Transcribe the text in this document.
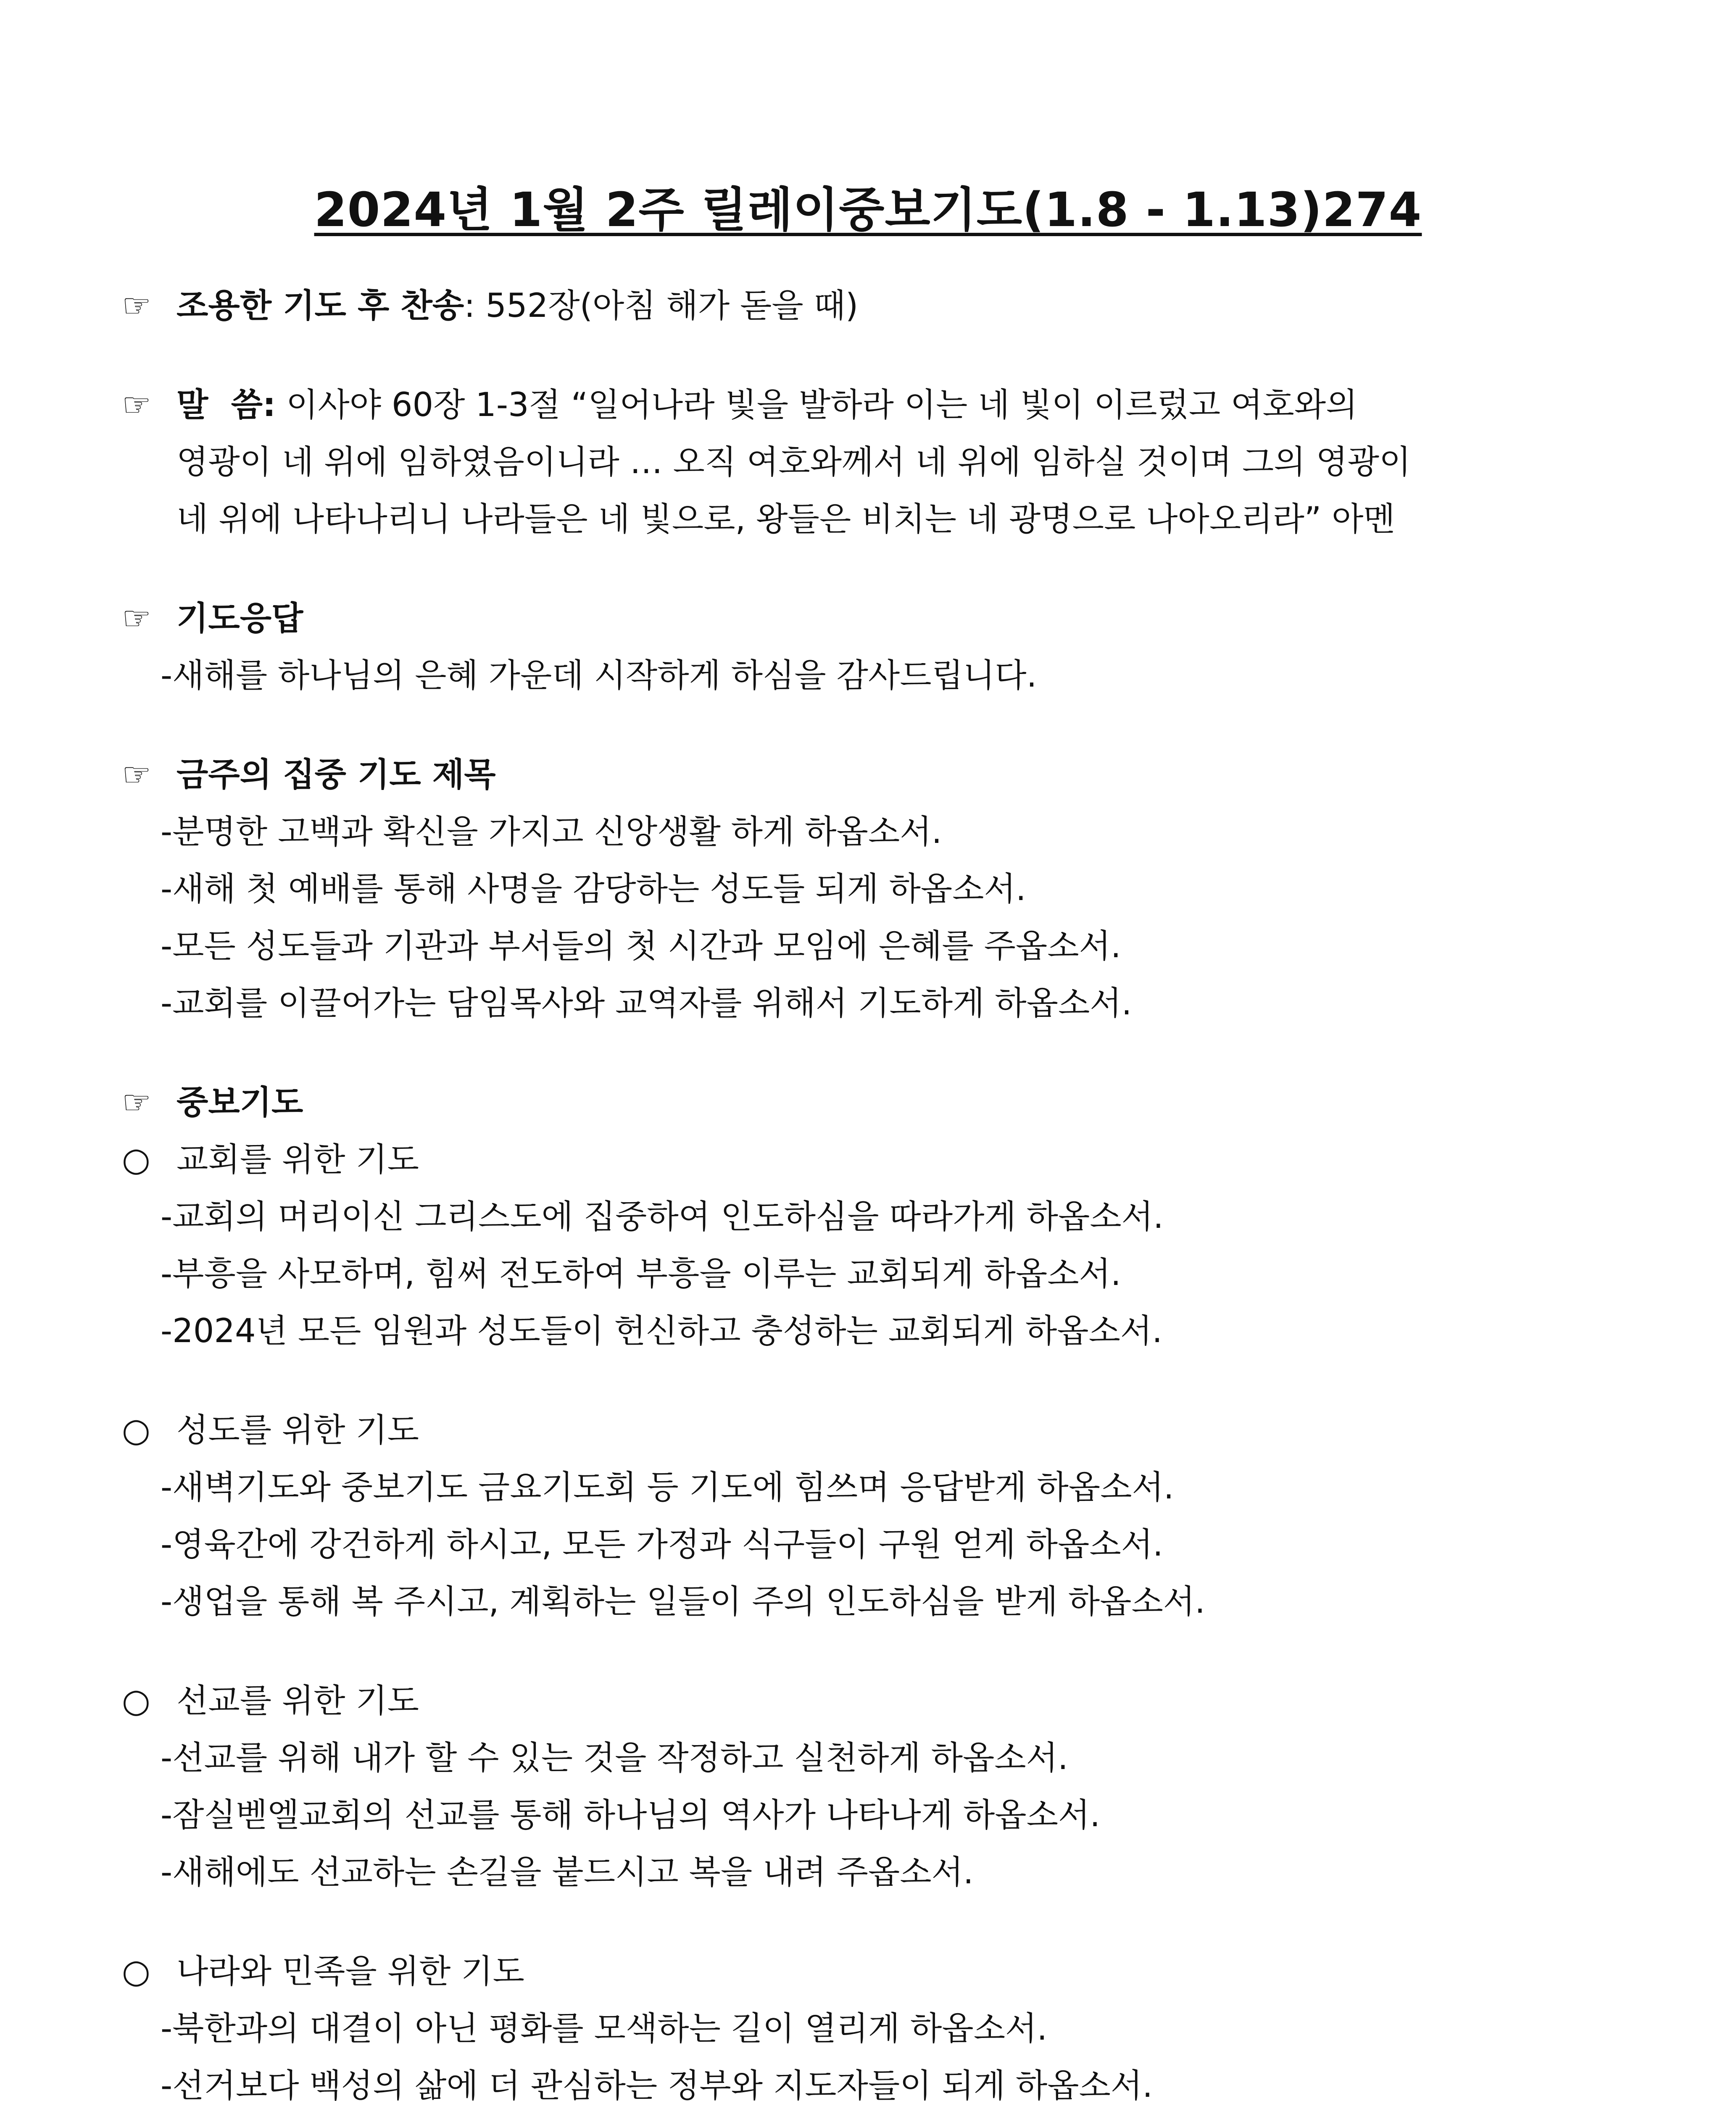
2024년 1월 2주 릴레이중보기도(1.8 - 1.13)274
☞ 조용한 기도 후 찬송: 552장(아침 해가 돋을 때)
☞ 말  씀: 이사야 60장 1-3절 “일어나라 빛을 발하라 이는 네 빛이 이르렀고 여호와의
영광이 네 위에 임하였음이니라 … 오직 여호와께서 네 위에 임하실 것이며 그의 영광이
네 위에 나타나리니 나라들은 네 빛으로, 왕들은 비치는 네 광명으로 나아오리라” 아멘
☞ 기도응답
-새해를 하나님의 은혜 가운데 시작하게 하심을 감사드립니다.
☞ 금주의 집중 기도 제목
-분명한 고백과 확신을 가지고 신앙생활 하게 하옵소서.
-새해 첫 예배를 통해 사명을 감당하는 성도들 되게 하옵소서.
-모든 성도들과 기관과 부서들의 첫 시간과 모임에 은혜를 주옵소서.
-교회를 이끌어가는 담임목사와 교역자를 위해서 기도하게 하옵소서.
☞ 중보기도
○ 교회를 위한 기도
-교회의 머리이신 그리스도에 집중하여 인도하심을 따라가게 하옵소서.
-부흥을 사모하며, 힘써 전도하여 부흥을 이루는 교회되게 하옵소서.
-2024년 모든 임원과 성도들이 헌신하고 충성하는 교회되게 하옵소서.
○ 성도를 위한 기도
-새벽기도와 중보기도 금요기도회 등 기도에 힘쓰며 응답받게 하옵소서.
-영육간에 강건하게 하시고, 모든 가정과 식구들이 구원 얻게 하옵소서.
-생업을 통해 복 주시고, 계획하는 일들이 주의 인도하심을 받게 하옵소서.
○ 선교를 위한 기도
-선교를 위해 내가 할 수 있는 것을 작정하고 실천하게 하옵소서.
-잠실벧엘교회의 선교를 통해 하나님의 역사가 나타나게 하옵소서.
-새해에도 선교하는 손길을 붙드시고 복을 내려 주옵소서.
○ 나라와 민족을 위한 기도
-북한과의 대결이 아닌 평화를 모색하는 길이 열리게 하옵소서.
-선거보다 백성의 삶에 더 관심하는 정부와 지도자들이 되게 하옵소서.
